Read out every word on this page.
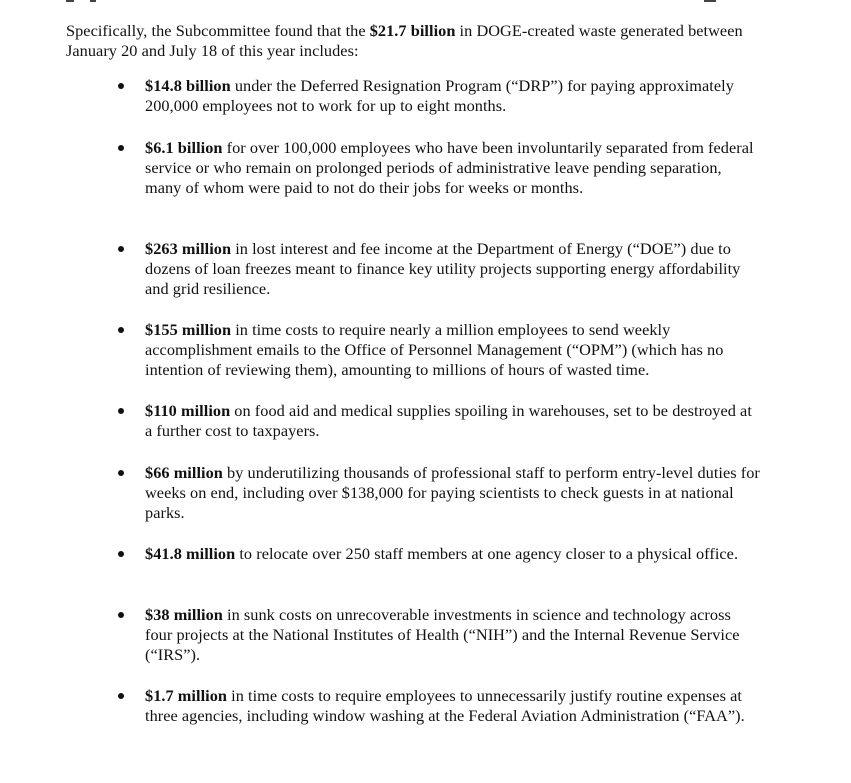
Specifically, the Subcommittee found that the $21.7 billion in DOGE-created waste generated between January 20 and July 18 of this year includes:

$14.8 billion under the Deferred Resignation Program (“DRP”) for paying approximately 200,000 employees not to work for up to eight months.

$6.1 billion for over 100,000 employees who have been involuntarily separated from federal service or who remain on prolonged periods of administrative leave pending separation, many of whom were paid to not do their jobs for weeks or months.

$263 million in lost interest and fee income at the Department of Energy (“DOE”) due to dozens of loan freezes meant to finance key utility projects supporting energy affordability and grid resilience.

$155 million in time costs to require nearly a million employees to send weekly accomplishment emails to the Office of Personnel Management (“OPM”) (which has no intention of reviewing them), amounting to millions of hours of wasted time.

$110 million on food aid and medical supplies spoiling in warehouses, set to be destroyed at a further cost to taxpayers.

$66 million by underutilizing thousands of professional staff to perform entry-level duties for weeks on end, including over $138,000 for paying scientists to check guests in at national parks.

$41.8 million to relocate over 250 staff members at one agency closer to a physical office.

$38 million in sunk costs on unrecoverable investments in science and technology across four projects at the National Institutes of Health (“NIH”) and the Internal Revenue Service (“IRS”).

$1.7 million in time costs to require employees to unnecessarily justify routine expenses at three agencies, including window washing at the Federal Aviation Administration (“FAA”).
